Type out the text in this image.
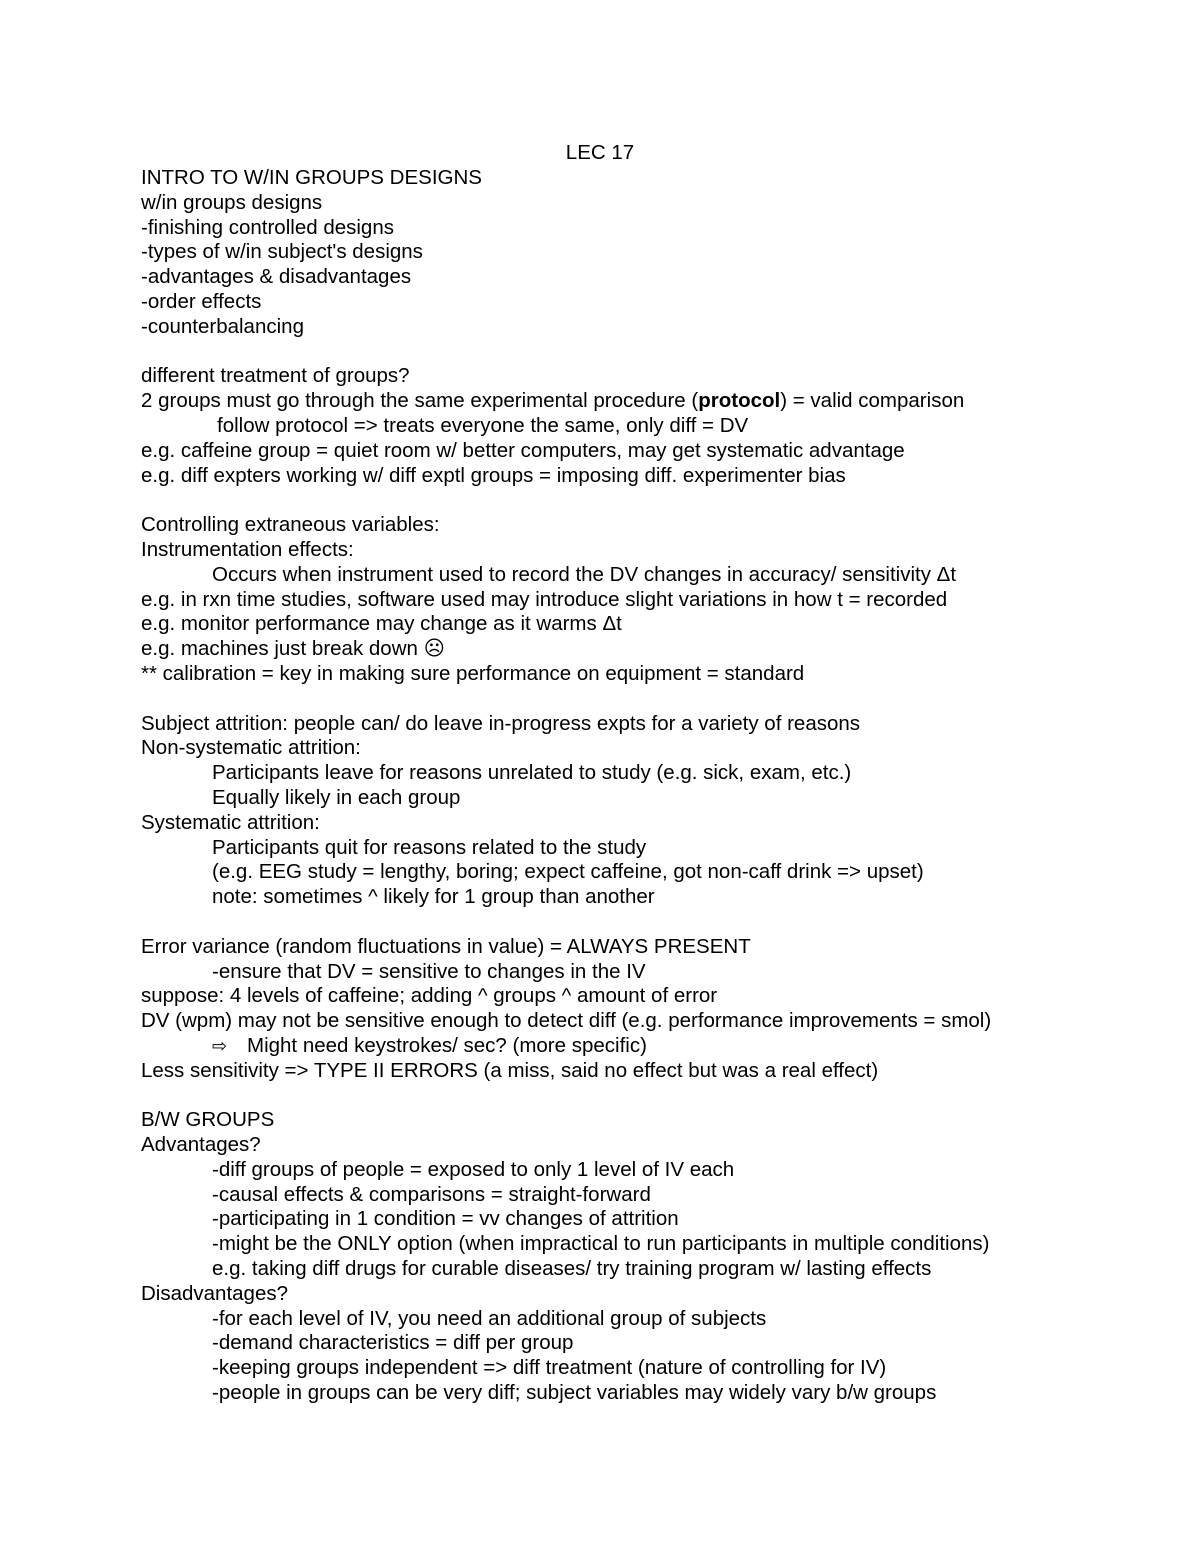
LEC 17
INTRO TO W/IN GROUPS DESIGNS
w/in groups designs
-finishing controlled designs
-types of w/in subject's designs
-advantages & disadvantages
-order effects
-counterbalancing
different treatment of groups?
2 groups must go through the same experimental procedure (protocol) = valid comparison
follow protocol => treats everyone the same, only diff = DV
e.g. caffeine group = quiet room w/ better computers, may get systematic advantage
e.g. diff expters working w/ diff exptl groups = imposing diff. experimenter bias
Controlling extraneous variables:
Instrumentation effects:
Occurs when instrument used to record the DV changes in accuracy/ sensitivity Δt
e.g. in rxn time studies, software used may introduce slight variations in how t = recorded
e.g. monitor performance may change as it warms Δt
e.g. machines just break down ☹
** calibration = key in making sure performance on equipment = standard
Subject attrition: people can/ do leave in-progress expts for a variety of reasons
Non-systematic attrition:
Participants leave for reasons unrelated to study (e.g. sick, exam, etc.)
Equally likely in each group
Systematic attrition:
Participants quit for reasons related to the study
(e.g. EEG study = lengthy, boring; expect caffeine, got non-caff drink => upset)
note: sometimes ^ likely for 1 group than another
Error variance (random fluctuations in value) = ALWAYS PRESENT
-ensure that DV = sensitive to changes in the IV
suppose: 4 levels of caffeine; adding ^ groups ^ amount of error
DV (wpm) may not be sensitive enough to detect diff (e.g. performance improvements = smol)
⇨ Might need keystrokes/ sec? (more specific)
Less sensitivity => TYPE II ERRORS (a miss, said no effect but was a real effect)
B/W GROUPS
Advantages?
-diff groups of people = exposed to only 1 level of IV each
-causal effects & comparisons = straight-forward
-participating in 1 condition = vv changes of attrition
-might be the ONLY option (when impractical to run participants in multiple conditions)
e.g. taking diff drugs for curable diseases/ try training program w/ lasting effects
Disadvantages?
-for each level of IV, you need an additional group of subjects
-demand characteristics = diff per group
-keeping groups independent => diff treatment (nature of controlling for IV)
-people in groups can be very diff; subject variables may widely vary b/w groups
